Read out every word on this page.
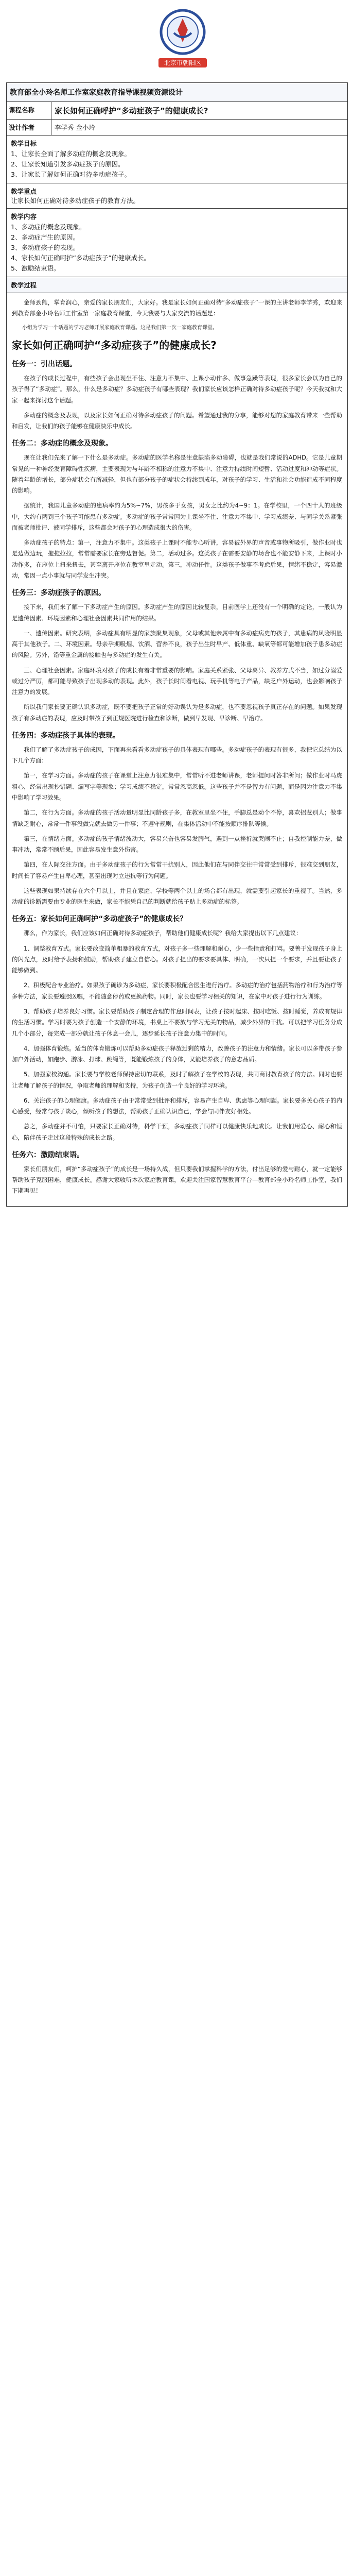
北京市朝阳区
教育部全小玲名师工作室家庭教育指导课视频资源设计
课程名称	家长如何正确呼护“多动症孩子”的健康成长?
设计作者	李学秀 金小玲
教学目标
1、让家长全面了解多动症的概念及现象。
2、让家长知道引发多动症孩子的原因。
3、让家长了解如何正确对待多动症孩子。
教学重点
让家长如何正确对待多动症孩子的教育方法。
教学内容
1、多动症的概念及现象。
2、多动症产生的原因。
3、多动症孩子的表现。
4、家长如何正确呵护“多动症孩子”的健康成长。
5、激励结束语。
教学过程

金师劲熊，掌育润心，亲爱的家长朋友们，大家好。我是家长如何正确对待“多动症孩子”一课的主讲老师李学秀，欢迎来到教育部金小玲名师工作室第一家庭教育课堂，今天我要与大家交流的话题是：

小组为学习一个话题的学习老师开展家庭教育课题。这是我们第一次一家庭教育课堂。

家长如何正确呵护“多动症孩子”的健康成长?
任务一：引出话题。

在孩子的成长过程中，有些孩子会出现坐不住、注意力不集中、上课小动作多、做事急躁等表现，很多家长会以为自己的孩子得了“多动症”。那么，什么是多动症？多动症孩子有哪些表现？我们家长应该怎样正确对待多动症孩子呢？今天我就和大家一起来探讨这个话题。

多动症的概念及表现，以及家长如何正确对待多动症孩子的问题。希望通过我的分享，能够对您的家庭教育带来一些帮助和启发，让我们的孩子能够在健康快乐中成长。

任务二：多动症的概念及现象。

现在让我们先来了解一下什么是多动症。多动症的医学名称是注意缺陷多动障碍，也就是我们常说的ADHD。它是儿童期常见的一种神经发育障碍性疾病，主要表现为与年龄不相称的注意力不集中、注意力持续时间短暂、活动过度和冲动等症状。随着年龄的增长，部分症状会有所减轻，但也有部分孩子的症状会持续到成年，对孩子的学习、生活和社会功能造成不同程度的影响。

据统计，我国儿童多动症的患病率约为5%~7%，男孩多于女孩，男女之比约为4~9：1。在学校里，一个四十人的班级中，大约有两到三个孩子可能患有多动症。多动症的孩子常常因为上课坐不住、注意力不集中、学习成绩差、与同学关系紧张而被老师批评、被同学排斥，这些都会对孩子的心理造成很大的伤害。

多动症孩子的特点：第一，注意力不集中。这类孩子上课时不能专心听讲，容易被外界的声音或事物所吸引，做作业时也是边做边玩，拖拖拉拉，常常需要家长在旁边督促。第二，活动过多。这类孩子在需要安静的场合也不能安静下来，上课时小动作多，在座位上扭来扭去，甚至离开座位在教室里走动。第三，冲动任性。这类孩子做事不考虑后果，情绪不稳定，容易激动，常因一点小事就与同学发生冲突。

任务三：多动症孩子的原因。

接下来，我们来了解一下多动症产生的原因。多动症产生的原因比较复杂，目前医学上还没有一个明确的定论，一般认为是遗传因素、环境因素和心理社会因素共同作用的结果。

一、遗传因素。研究表明，多动症具有明显的家族聚集现象，父母或其他亲属中有多动症病史的孩子，其患病的风险明显高于其他孩子。二、环境因素。母亲孕期吸烟、饮酒、营养不良，孩子出生时早产、低体重、缺氧等都可能增加孩子患多动症的风险。另外，铅等重金属的接触也与多动症的发生有关。

三、心理社会因素。家庭环境对孩子的成长有着非常重要的影响。家庭关系紧张、父母离异、教养方式不当，如过分溺爱或过分严厉，都可能导致孩子出现多动的表现。此外，孩子长时间看电视、玩手机等电子产品，缺乏户外运动，也会影响孩子注意力的发展。

所以我们家长要正确认识多动症，既不要把孩子正常的好动误认为是多动症，也不要忽视孩子真正存在的问题。如果发现孩子有多动症的表现，应及时带孩子到正规医院进行检查和诊断，做到早发现、早诊断、早治疗。

任务四：多动症孩子具体的表现。

我们了解了多动症孩子的成因，下面再来看看多动症孩子的具体表现有哪些。多动症孩子的表现有很多，我把它总结为以下几个方面：

第一，在学习方面。多动症的孩子在课堂上注意力很难集中，常常听不进老师讲课，老师提问时答非所问；做作业时马虎粗心，经常出现抄错题、漏写字等现象；学习成绩不稳定，常常忽高忽低。这些孩子并不是智力有问题，而是因为注意力不集中影响了学习效果。

第二，在行为方面。多动症的孩子活动量明显比同龄孩子多，在教室里坐不住，手脚总是动个不停，喜欢招惹别人；做事情缺乏耐心，常常一件事没做完就去做另一件事；不遵守规则，在集体活动中不能按顺序排队等候。

第三，在情绪方面。多动症的孩子情绪波动大，容易兴奋也容易发脾气，遇到一点挫折就哭闹不止；自我控制能力差，做事冲动，常常不顾后果，因此容易发生意外伤害。

第四，在人际交往方面。由于多动症孩子的行为常常干扰别人，因此他们在与同伴交往中常常受到排斥，很难交到朋友，时间长了容易产生自卑心理，甚至出现对立违抗等行为问题。

这些表现如果持续存在六个月以上，并且在家庭、学校等两个以上的场合都有出现，就需要引起家长的重视了。当然，多动症的诊断需要由专业的医生来做，家长不能凭自己的判断就给孩子贴上多动症的标签。

任务五：家长如何正确呵护“多动症孩子”的健康成长？

那么，作为家长，我们应该如何正确对待多动症孩子，帮助他们健康成长呢？我给大家提出以下几点建议：

1、调整教育方式。家长要改变简单粗暴的教育方式，对孩子多一些理解和耐心，少一些指责和打骂。要善于发现孩子身上的闪光点，及时给予表扬和鼓励，帮助孩子建立自信心。对孩子提出的要求要具体、明确，一次只提一个要求，并且要让孩子能够做到。

2、积极配合专业治疗。如果孩子确诊为多动症，家长要积极配合医生进行治疗。多动症的治疗包括药物治疗和行为治疗等多种方法，家长要遵照医嘱，不能随意停药或更换药物。同时，家长也要学习相关的知识，在家中对孩子进行行为训练。

3、帮助孩子培养良好习惯。家长要帮助孩子制定合理的作息时间表，让孩子按时起床、按时吃饭、按时睡觉，养成有规律的生活习惯。学习时要为孩子创造一个安静的环境，书桌上不要放与学习无关的物品，减少外界的干扰。可以把学习任务分成几个小部分，每完成一部分就让孩子休息一会儿，逐步延长孩子注意力集中的时间。

4、加强体育锻炼。适当的体育锻炼可以帮助多动症孩子释放过剩的精力，改善孩子的注意力和情绪。家长可以多带孩子参加户外活动，如跑步、游泳、打球、跳绳等，既能锻炼孩子的身体，又能培养孩子的意志品质。

5、加强家校沟通。家长要与学校老师保持密切的联系，及时了解孩子在学校的表现，共同商讨教育孩子的方法。同时也要让老师了解孩子的情况，争取老师的理解和支持，为孩子创造一个良好的学习环境。

6、关注孩子的心理健康。多动症孩子由于常常受到批评和排斥，容易产生自卑、焦虑等心理问题。家长要多关心孩子的内心感受，经常与孩子谈心，倾听孩子的想法，帮助孩子正确认识自己，学会与同伴友好相处。

总之，多动症并不可怕，只要家长正确对待，科学干预，多动症孩子同样可以健康快乐地成长。让我们用爱心、耐心和恒心，陪伴孩子走过这段特殊的成长之路。

任务六：激励结束语。

家长们朋友们，呵护“多动症孩子”的成长是一场持久战，但只要我们掌握科学的方法，付出足够的爱与耐心，就一定能够帮助孩子克服困难，健康成长。感谢大家收听本次家庭教育课，欢迎关注国家智慧教育平台—教育部全小玲名师工作室，我们下期再见！
